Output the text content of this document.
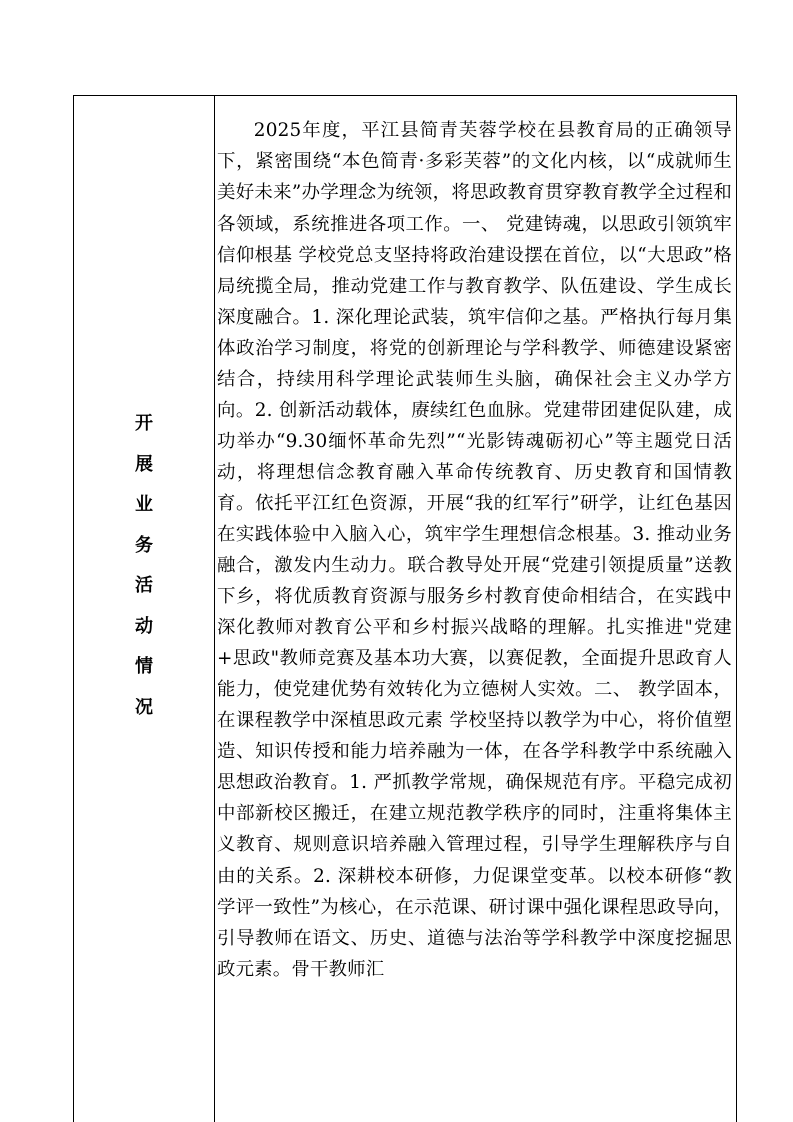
开
展
业
务
活
动
情
况

2025年度，平江县简青芙蓉学校在县教育局的正确领导下，紧密围绕“本色简青·多彩芙蓉”的文化内核，以“成就师生美好未来”办学理念为统领，将思政教育贯穿教育教学全过程和各领域，系统推进各项工作。一、 党建铸魂，以思政引领筑牢信仰根基 学校党总支坚持将政治建设摆在首位，以“大思政”格局统揽全局，推动党建工作与教育教学、队伍建设、学生成长深度融合。1. 深化理论武装，筑牢信仰之基。严格执行每月集体政治学习制度，将党的创新理论与学科教学、师德建设紧密结合，持续用科学理论武装师生头脑，确保社会主义办学方向。2. 创新活动载体，赓续红色血脉。党建带团建促队建，成功举办“9.30缅怀革命先烈”“光影铸魂砺初心”等主题党日活动，将理想信念教育融入革命传统教育、历史教育和国情教育。依托平江红色资源，开展“我的红军行”研学，让红色基因在实践体验中入脑入心，筑牢学生理想信念根基。3. 推动业务融合，激发内生动力。联合教导处开展“党建引领提质量”送教下乡，将优质教育资源与服务乡村教育使命相结合，在实践中深化教师对教育公平和乡村振兴战略的理解。扎实推进"党建+思政"教师竞赛及基本功大赛，以赛促教，全面提升思政育人能力，使党建优势有效转化为立德树人实效。二、 教学固本，在课程教学中深植思政元素 学校坚持以教学为中心，将价值塑造、知识传授和能力培养融为一体，在各学科教学中系统融入思想政治教育。1. 严抓教学常规，确保规范有序。平稳完成初中部新校区搬迁，在建立规范教学秩序的同时，注重将集体主义教育、规则意识培养融入管理过程，引导学生理解秩序与自由的关系。2. 深耕校本研修，力促课堂变革。以校本研修“教学评一致性”为核心，在示范课、研讨课中强化课程思政导向，引导教师在语文、历史、道德与法治等学科教学中深度挖掘思政元素。骨干教师汇
